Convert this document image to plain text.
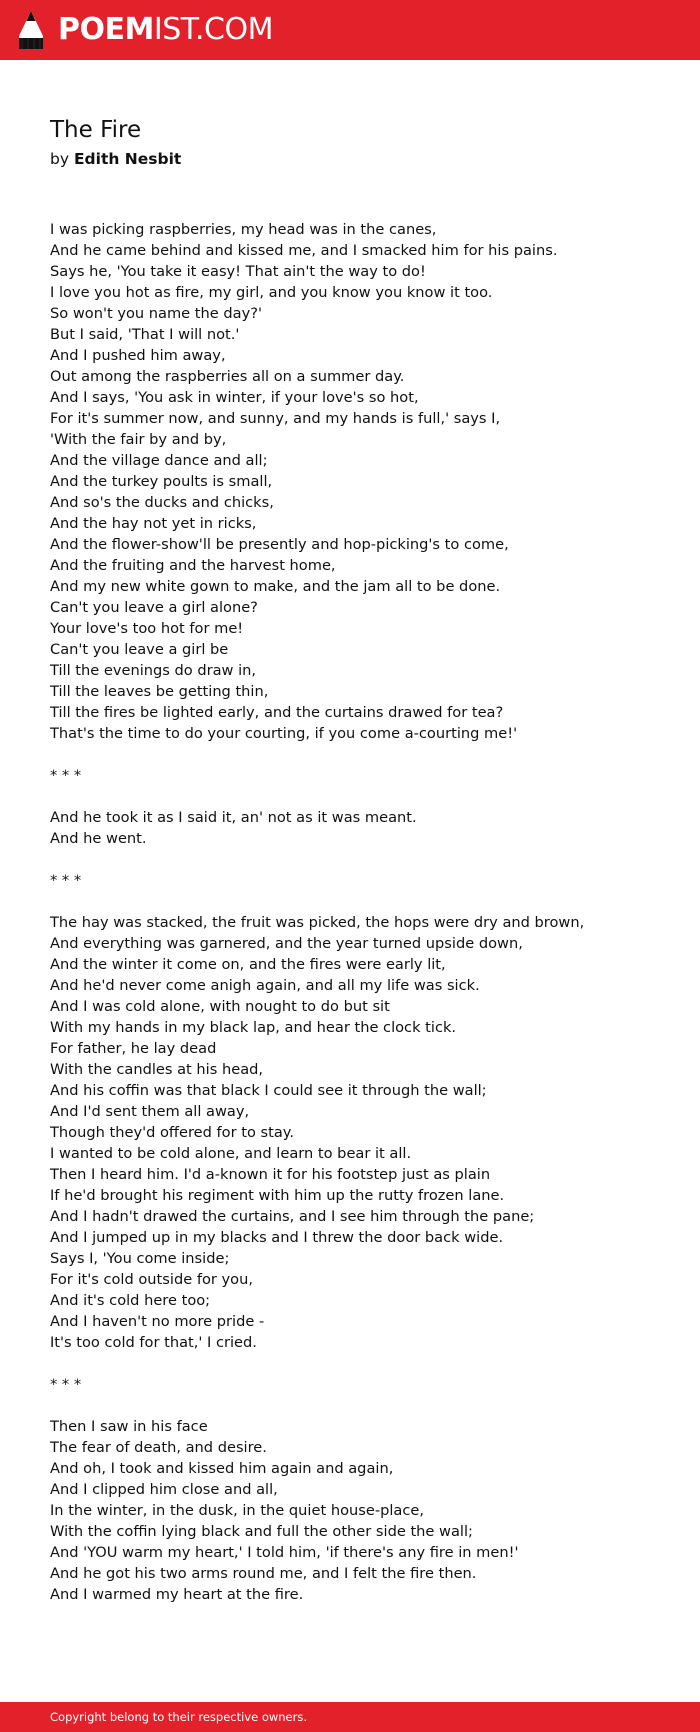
POEMIST.COM
The Fire
by Edith Nesbit
I was picking raspberries, my head was in the canes,
And he came behind and kissed me, and I smacked him for his pains.
Says he, 'You take it easy! That ain't the way to do!
I love you hot as fire, my girl, and you know you know it too.
So won't you name the day?'
But I said, 'That I will not.'
And I pushed him away,
Out among the raspberries all on a summer day.
And I says, 'You ask in winter, if your love's so hot,
For it's summer now, and sunny, and my hands is full,' says I,
'With the fair by and by,
And the village dance and all;
And the turkey poults is small,
And so's the ducks and chicks,
And the hay not yet in ricks,
And the flower-show'll be presently and hop-picking's to come,
And the fruiting and the harvest home,
And my new white gown to make, and the jam all to be done.
Can't you leave a girl alone?
Your love's too hot for me!
Can't you leave a girl be
Till the evenings do draw in,
Till the leaves be getting thin,
Till the fires be lighted early, and the curtains drawed for tea?
That's the time to do your courting, if you come a-courting me!'
* * *
And he took it as I said it, an' not as it was meant.
And he went.
* * *
The hay was stacked, the fruit was picked, the hops were dry and brown,
And everything was garnered, and the year turned upside down,
And the winter it come on, and the fires were early lit,
And he'd never come anigh again, and all my life was sick.
And I was cold alone, with nought to do but sit
With my hands in my black lap, and hear the clock tick.
For father, he lay dead
With the candles at his head,
And his coffin was that black I could see it through the wall;
And I'd sent them all away,
Though they'd offered for to stay.
I wanted to be cold alone, and learn to bear it all.
Then I heard him. I'd a-known it for his footstep just as plain
If he'd brought his regiment with him up the rutty frozen lane.
And I hadn't drawed the curtains, and I see him through the pane;
And I jumped up in my blacks and I threw the door back wide.
Says I, 'You come inside;
For it's cold outside for you,
And it's cold here too;
And I haven't no more pride -
It's too cold for that,' I cried.
* * *
Then I saw in his face
The fear of death, and desire.
And oh, I took and kissed him again and again,
And I clipped him close and all,
In the winter, in the dusk, in the quiet house-place,
With the coffin lying black and full the other side the wall;
And 'YOU warm my heart,' I told him, 'if there's any fire in men!'
And he got his two arms round me, and I felt the fire then.
And I warmed my heart at the fire.
Copyright belong to their respective owners.
